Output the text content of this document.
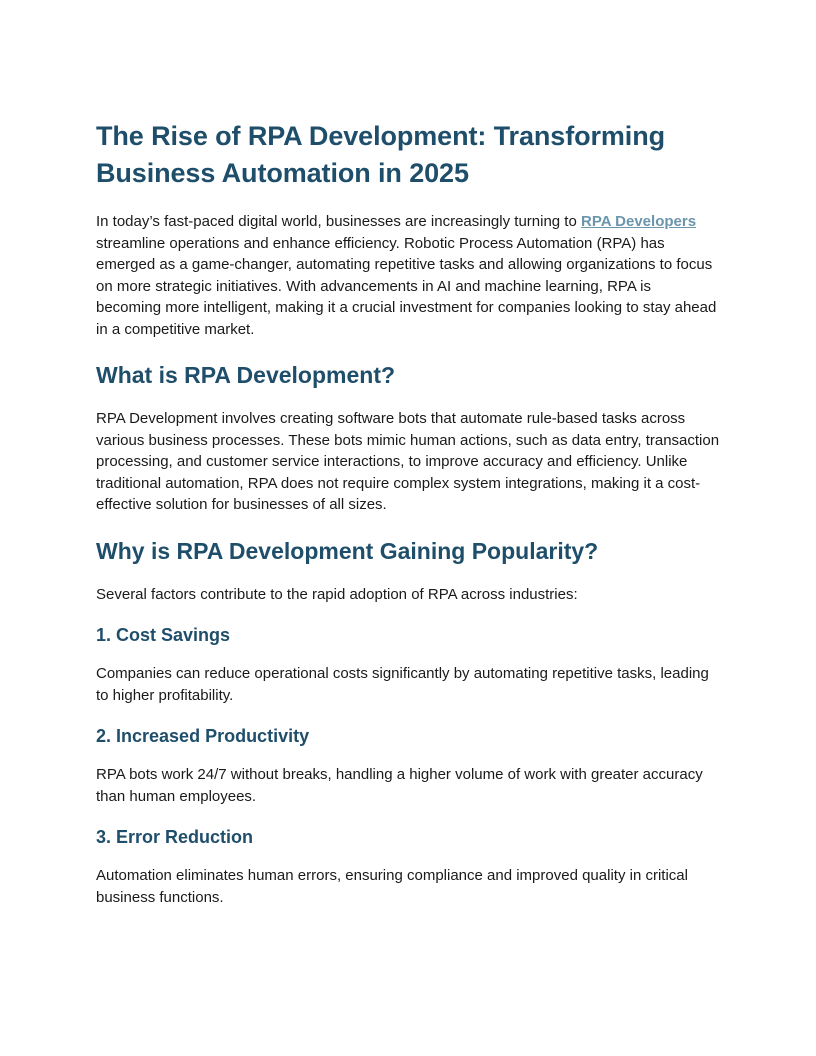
The Rise of RPA Development: Transforming Business Automation in 2025

In today’s fast-paced digital world, businesses are increasingly turning to RPA Developers streamline operations and enhance efficiency. Robotic Process Automation (RPA) has emerged as a game-changer, automating repetitive tasks and allowing organizations to focus on more strategic initiatives. With advancements in AI and machine learning, RPA is becoming more intelligent, making it a crucial investment for companies looking to stay ahead in a competitive market.

What is RPA Development?

RPA Development involves creating software bots that automate rule-based tasks across various business processes. These bots mimic human actions, such as data entry, transaction processing, and customer service interactions, to improve accuracy and efficiency. Unlike traditional automation, RPA does not require complex system integrations, making it a cost-effective solution for businesses of all sizes.

Why is RPA Development Gaining Popularity?

Several factors contribute to the rapid adoption of RPA across industries:

1. Cost Savings

Companies can reduce operational costs significantly by automating repetitive tasks, leading to higher profitability.

2. Increased Productivity

RPA bots work 24/7 without breaks, handling a higher volume of work with greater accuracy than human employees.

3. Error Reduction

Automation eliminates human errors, ensuring compliance and improved quality in critical business functions.
